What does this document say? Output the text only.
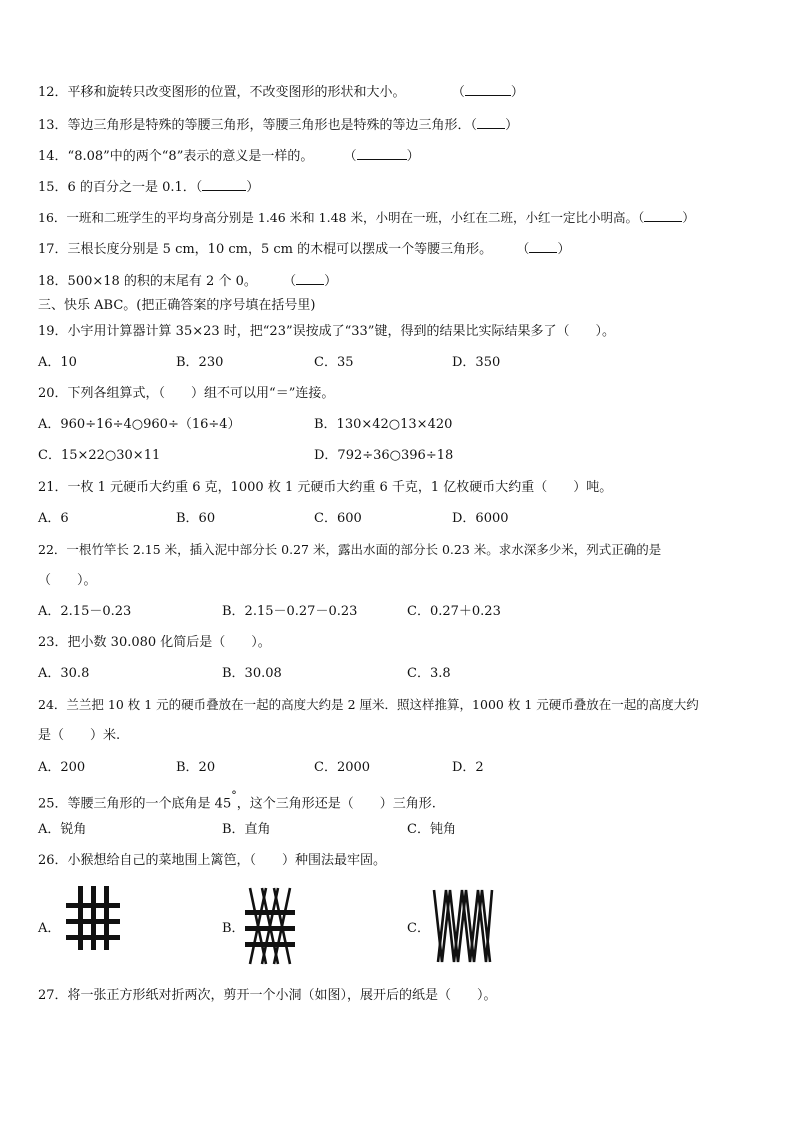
12．平移和旋转只改变图形的位置，不改变图形的形状和大小。	（	）
13．等边三角形是特殊的等腰三角形，等腰三角形也是特殊的等边三角形．（ ）
14．“8.08”中的两个“8”表示的意义是一样的。 （	）
15．6 的百分之一是 0.1．（	）
16．一班和二班学生的平均身高分别是 1.46 米和 1.48 米，小明在一班，小红在二班，小红一定比小明高。（	）
17．三根长度分别是 5 cm，10 cm，5 cm 的木棍可以摆成一个等腰三角形。 （ ）
18．500×18 的积的末尾有 2 个 0。 （ ）
三、快乐 ABC。(把正确答案的序号填在括号里)
19．小宇用计算器计算 35×23 时，把“23”误按成了“33”键，得到的结果比实际结果多了（　　）。
A．10	B．230	C．35	D．350
20．下列各组算式，（　　）组不可以用“＝”连接。
A．960÷16÷4○960÷（16÷4）	B．130×42○13×420
C．15×22○30×11	D．792÷36○396÷18
21．一枚 1 元硬币大约重 6 克，1000 枚 1 元硬币大约重 6 千克，1 亿枚硬币大约重（　　）吨。
A．6	B．60	C．600	D．6000
22．一根竹竿长 2.15 米，插入泥中部分长 0.27 米，露出水面的部分长 0.23 米。求水深多少米，列式正确的是
（　　）。
A．2.15－0.23	B．2.15－0.27－0.23	C．0.27＋0.23
23．把小数 30.080 化简后是（　　）。
A．30.8	B．30.08	C．3.8
24．兰兰把 10 枚 1 元的硬币叠放在一起的高度大约是 2 厘米．照这样推算，1000 枚 1 元硬币叠放在一起的高度大约
是（　　）米.
A．200	B．20	C．2000	D．2
25．等腰三角形的一个底角是 45°，这个三角形还是（　　）三角形.
A．锐角	B．直角	C．钝角
26．小猴想给自己的菜地围上篱笆，（　　）种围法最牢固。
A．	B．	C．
27．将一张正方形纸对折两次，剪开一个小洞（如图），展开后的纸是（　　）。
